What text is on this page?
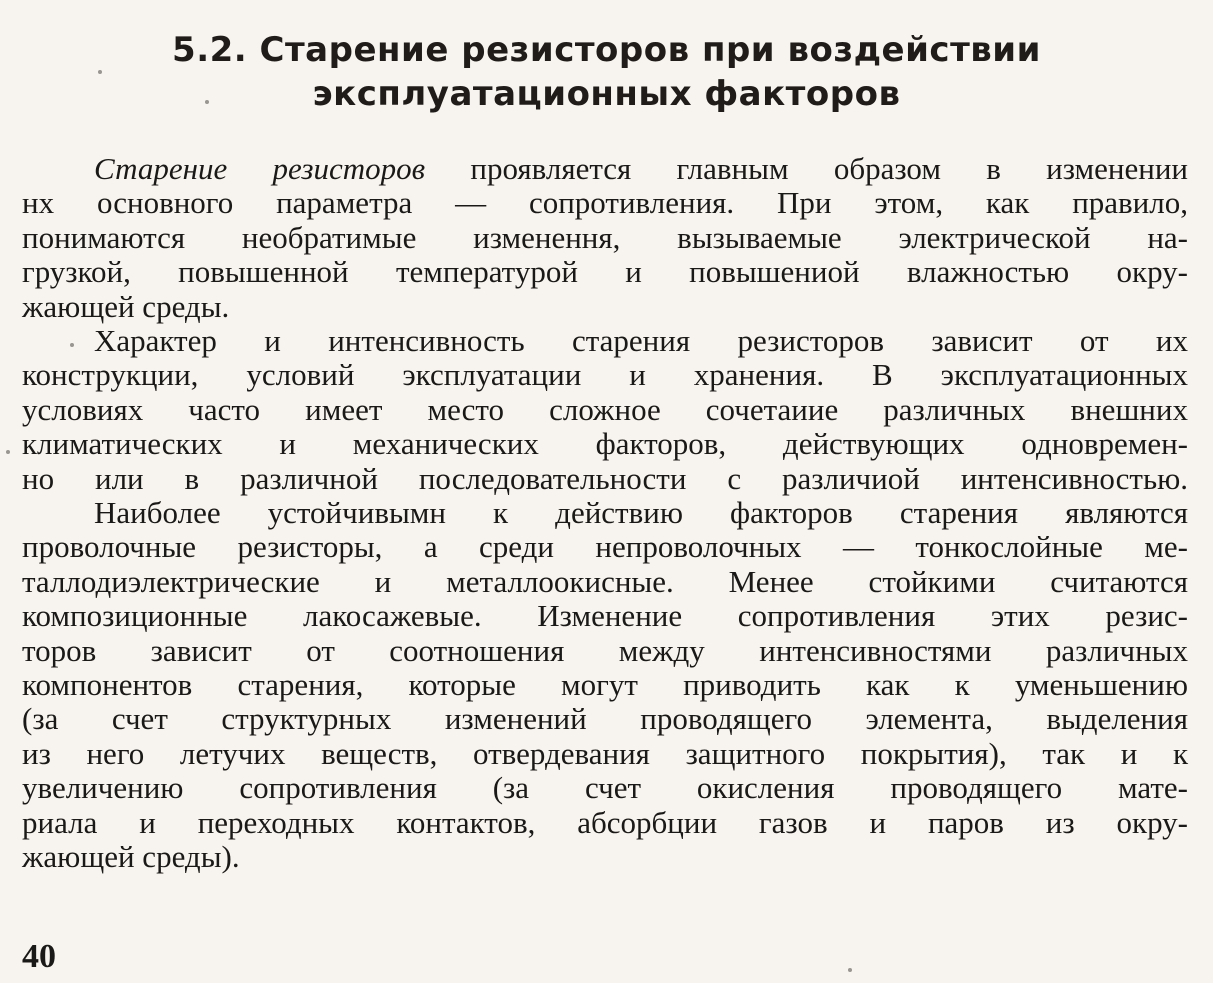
5.2. Старение резисторов при воздействии
эксплуатационных факторов
Старение резисторов проявляется главным образом в изменении
нх основного параметра — сопротивления. При этом, как правило,
понимаются необратимые изменення, вызываемые электрической на-
грузкой, повышенной температурой и повышениой влажностью окру-
жающей среды.
Характер и интенсивность старения резисторов зависит от их
конструкции, условий эксплуатации и хранения. В эксплуатационных
условиях часто имеет место сложное сочетаиие различных внешних
климатических и механических факторов, действующих одновремен-
но или в различной последовательности с различиой интенсивностью.
Наиболее устойчивымн к действию факторов старения являются
проволочные резисторы, а среди непроволочных — тонкослойные ме-
таллодиэлектрические и металлоокисные. Менее стойкими считаются
композиционные лакосажевые. Изменение сопротивления этих резис-
торов зависит от соотношения между интенсивностями различных
компонентов старения, которые могут приводить как к уменьшению
(за счет структурных изменений проводящего элемента, выделения
из него летучих веществ, отвердевания защитного покрытия), так и к
увеличению сопротивления (за счет окисления проводящего мате-
риала и переходных контактов, абсорбции газов и паров из окру-
жающей среды).
40
